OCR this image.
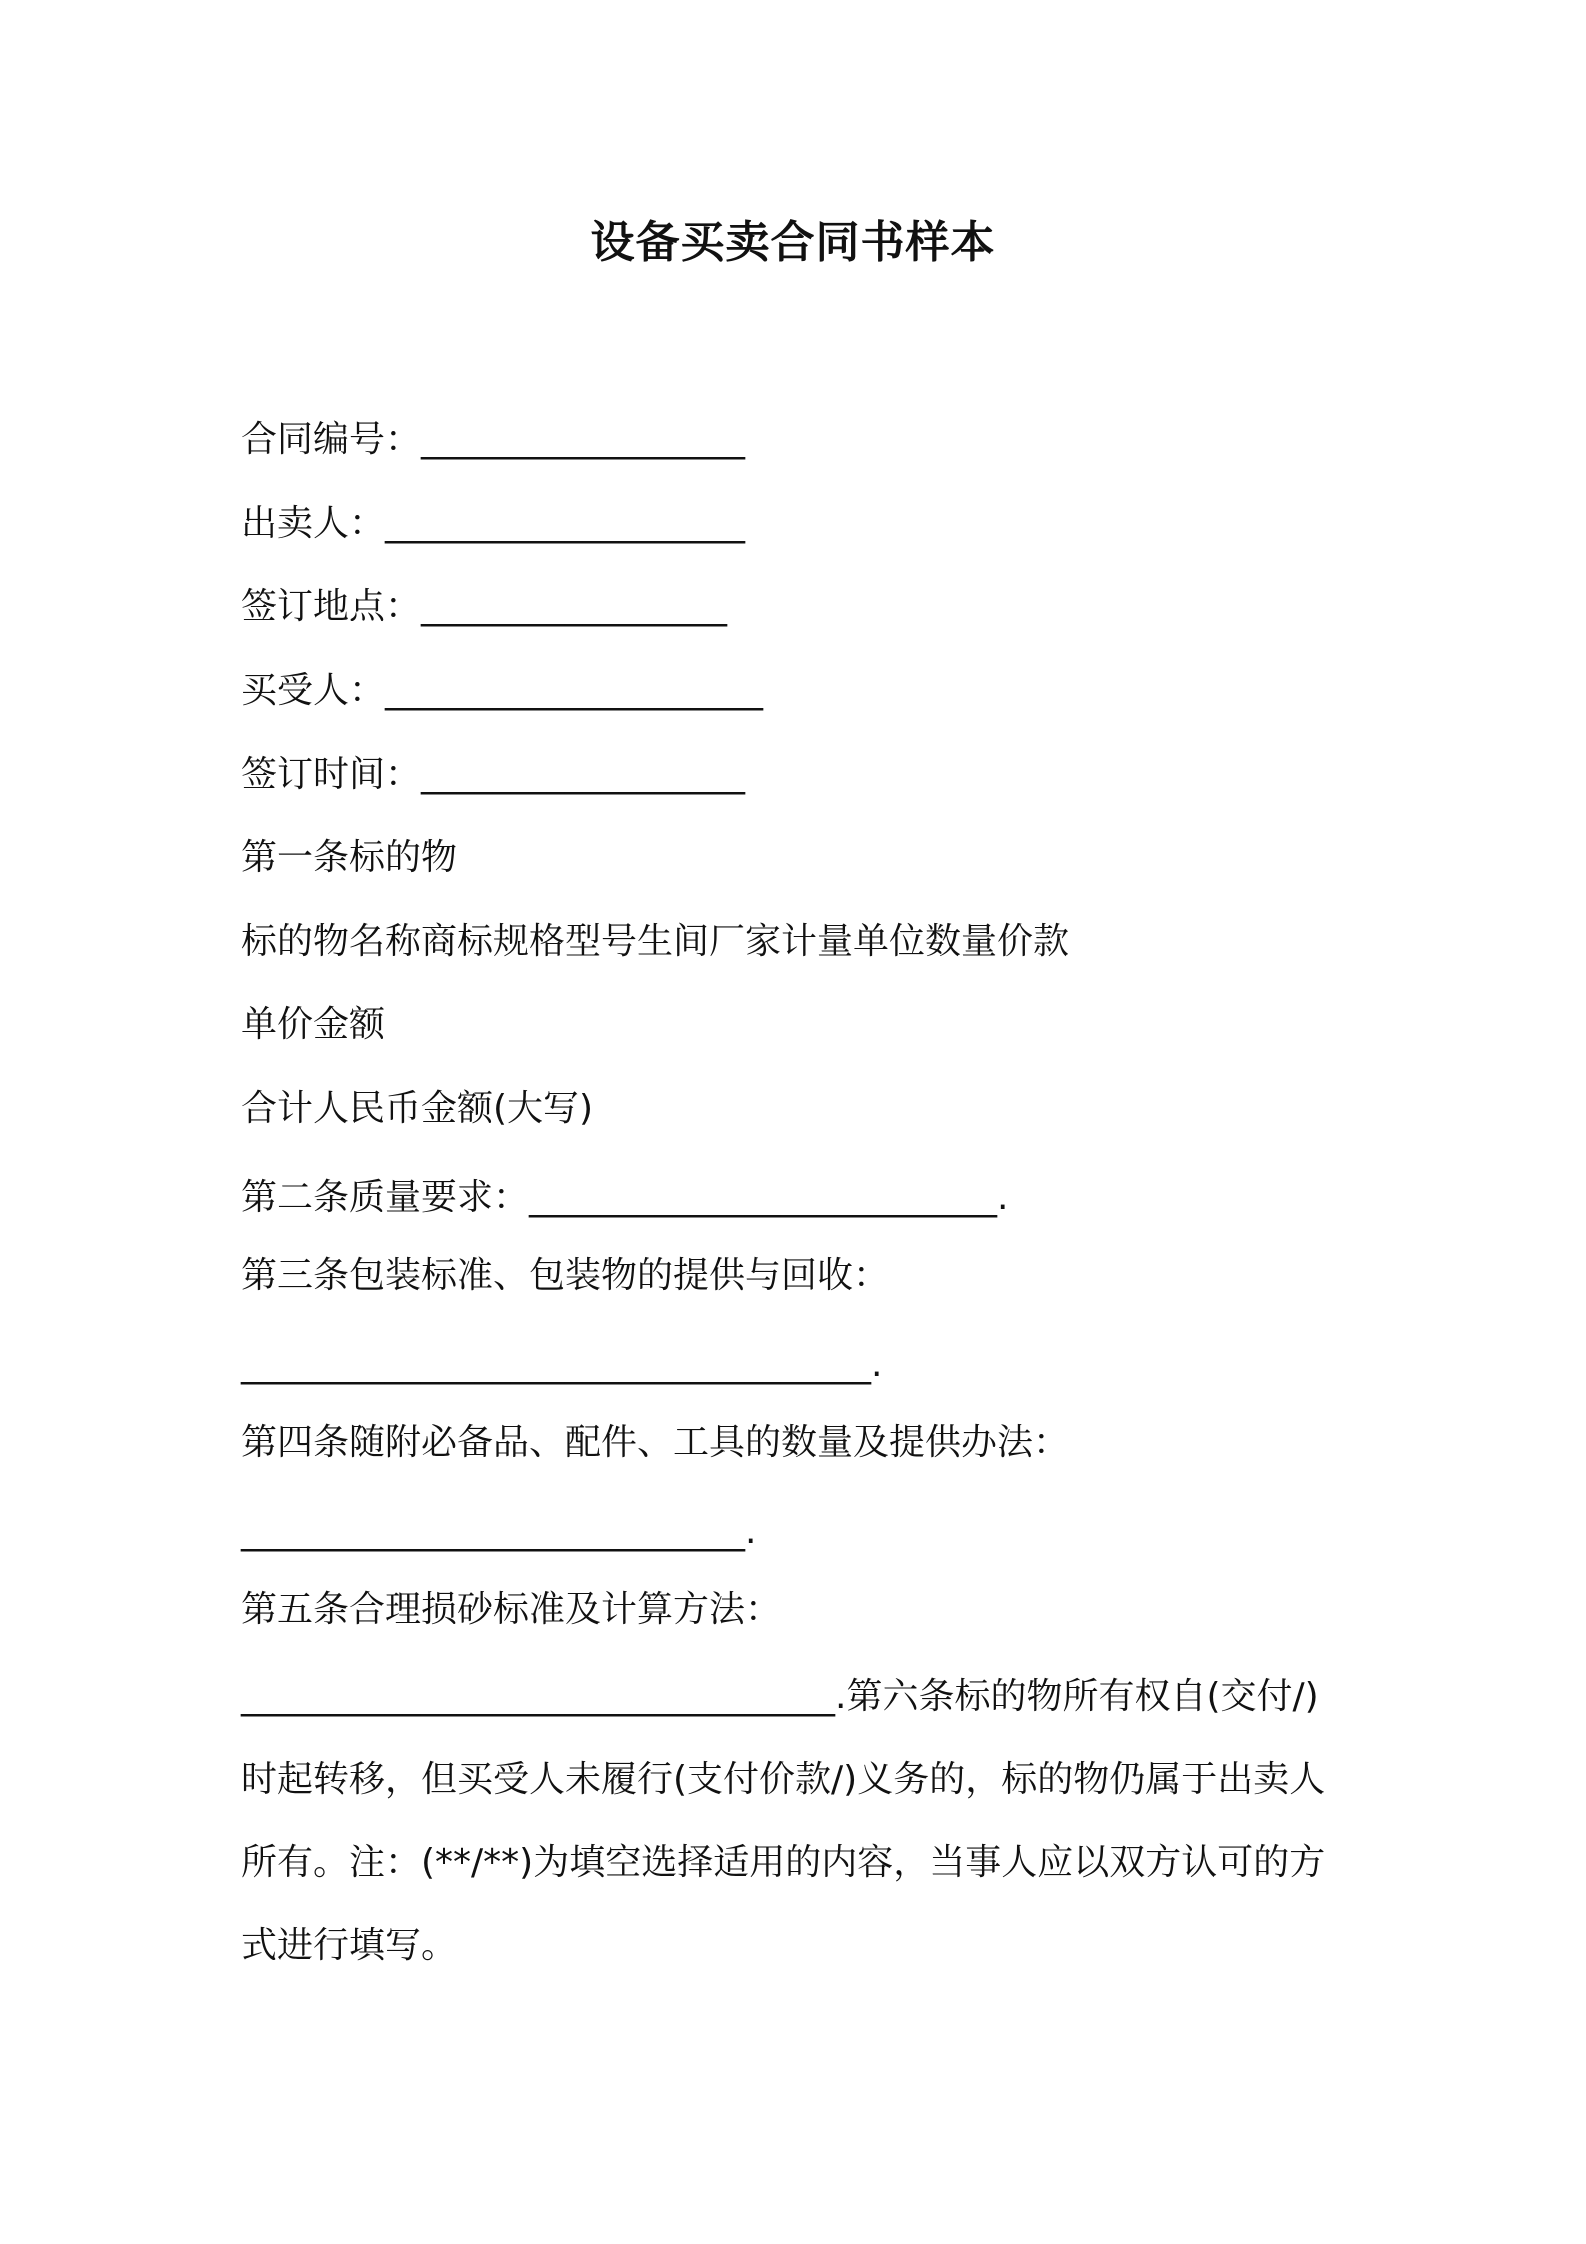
设备买卖合同书样本
合同编号：__________________
出卖人：____________________
签订地点：_________________
买受人：_____________________
签订时间：__________________
第一条标的物
标的物名称商标规格型号生间厂家计量单位数量价款
单价金额
合计人民币金额(大写)
第二条质量要求：__________________________.
第三条包装标准、包装物的提供与回收：
___________________________________.
第四条随附必备品、配件、工具的数量及提供办法：
____________________________.
第五条合理损砂标准及计算方法：
_________________________________.第六条标的物所有权自(交付/)时起转移，但买受人未履行(支付价款/)义务的，标的物仍属于出卖人所有。注：(**/**)为填空选择适用的内容，当事人应以双方认可的方式进行填写。
